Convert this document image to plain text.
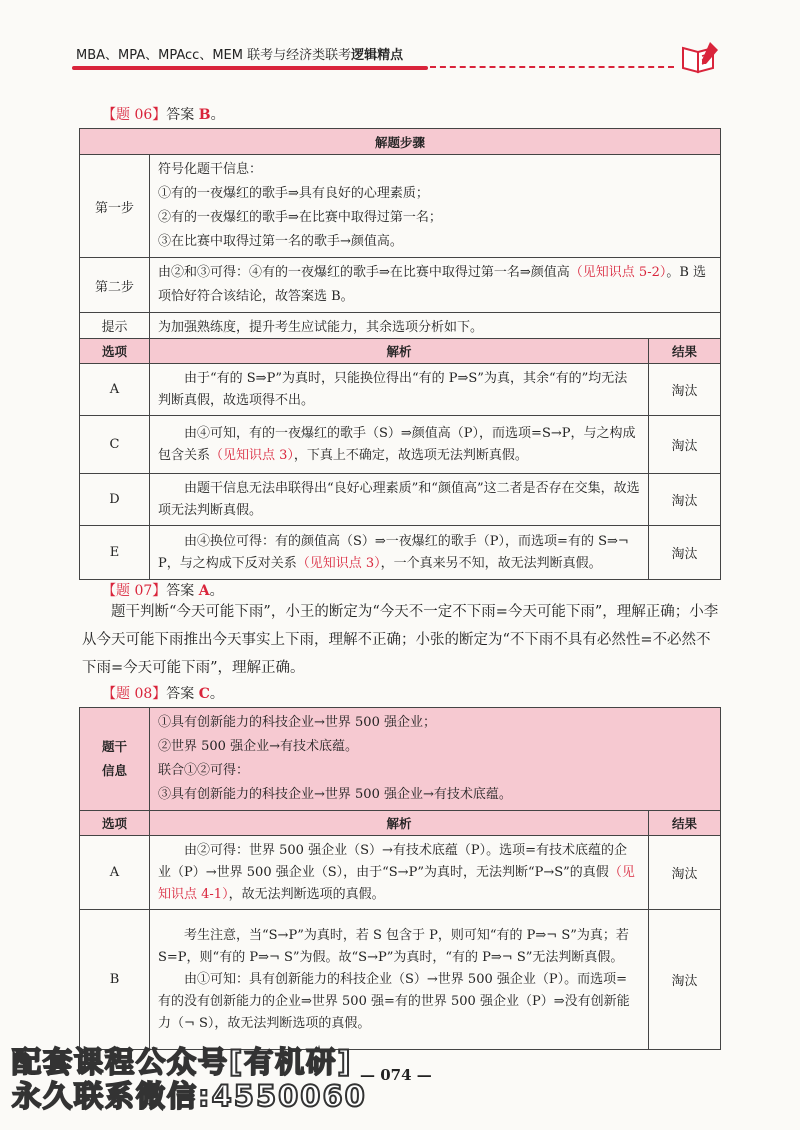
MBA、MPA、MPAcc、MEM 联考与经济类联考逻辑精点
【题 06】答案 B。
解题步骤		
第一步	符号化题干信息：
①有的一夜爆红的歌手⇒具有良好的心理素质；
②有的一夜爆红的歌手⇒在比赛中取得过第一名；
③在比赛中取得过第一名的歌手→颜值高。	

第二步	由②和③可得：④有的一夜爆红的歌手⇒在比赛中取得过第一名⇒颜值高（见知识点 5-2）。B 选项恰好符合该结论，故答案选 B。	
提示	为加强熟练度，提升考生应试能力，其余选项分析如下。	
选项	解析	结果
A	由于“有的 S⇒P”为真时，只能换位得出“有的 P⇒S”为真，其余“有的”均无法判断真假，故选项得不出。	淘汰
C	由④可知，有的一夜爆红的歌手（S）⇒颜值高（P），而选项=S→P，与之构成包含关系（见知识点 3），下真上不确定，故选项无法判断真假。	淘汰
D	由题干信息无法串联得出“良好心理素质”和“颜值高”这二者是否存在交集，故选项无法判断真假。	淘汰
E	由④换位可得：有的颜值高（S）⇒一夜爆红的歌手（P），而选项=有的 S⇒¬ P，与之构成下反对关系（见知识点 3），一个真来另不知，故无法判断真假。	淘汰
【题 07】答案 A。
题干判断“今天可能下雨”，小王的断定为“今天不一定不下雨=今天可能下雨”，理解正确；小李从今天可能下雨推出今天事实上下雨，理解不正确；小张的断定为“不下雨不具有必然性=不必然不下雨=今天可能下雨”，理解正确。
【题 08】答案 C。
题干
信息	①具有创新能力的科技企业→世界 500 强企业；
②世界 500 强企业→有技术底蕴。
联合①②可得：
③具有创新能力的科技企业→世界 500 强企业→有技术底蕴。	

选项	解析	结果
A	由②可得：世界 500 强企业（S）→有技术底蕴（P）。选项=有技术底蕴的企业（P）→世界 500 强企业（S），由于“S→P”为真时，无法判断“P→S”的真假（见知识点 4-1），故无法判断选项的真假。	淘汰
B	考生注意，当“S→P”为真时，若 S 包含于 P，则可知“有的 P⇒¬ S”为真；若 S=P，则“有的 P⇒¬ S”为假。故“S→P”为真时，“有的 P⇒¬ S”无法判断真假。
由①可知：具有创新能力的科技企业（S）→世界 500 强企业（P）。而选项=有的没有创新能力的企业⇒世界 500 强=有的世界 500 强企业（P）⇒没有创新能力（¬ S），故无法判断选项的真假。	淘汰
配套课程公众号[有机研]
永久联系微信:4550060
— 074 —
